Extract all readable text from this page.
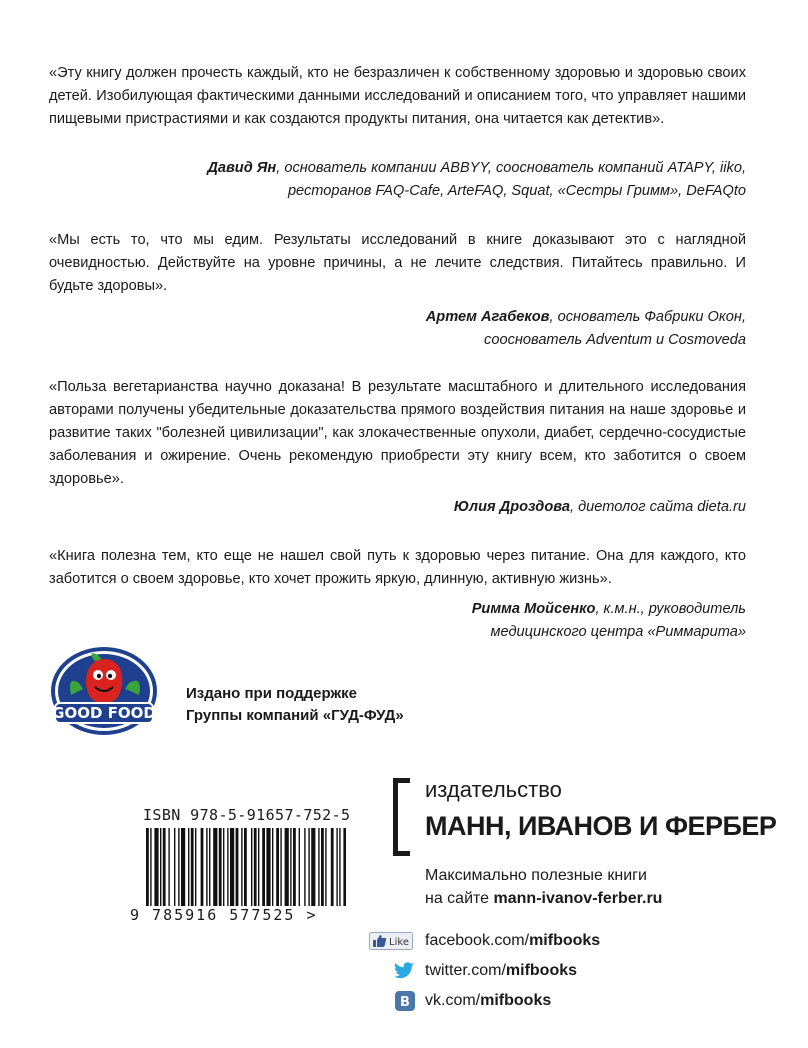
«Эту книгу должен прочесть каждый, кто не безразличен к собственному здоровью и здоровью своих детей. Изобилующая фактическими данными исследований и описанием того, что управляет нашими пищевыми пристрастиями и как создаются продукты питания, она читается как детектив».
Давид Ян, основатель компании ABBYY, сооснователь компаний ATAPY, iiko,
ресторанов FAQ-Cafe, ArteFAQ, Squat, «Сестры Гримм», DeFAQto
«Мы есть то, что мы едим. Результаты исследований в книге доказывают это с наглядной очевидностью. Действуйте на уровне причины, а не лечите следствия. Питайтесь правильно. И будьте здоровы».
Артем Агабеков, основатель Фабрики Окон,
сооснователь Adventum и Cosmoveda
«Польза вегетарианства научно доказана! В результате масштабного и длительного исследования авторами получены убедительные доказательства прямого воздействия питания на наше здоровье и развитие таких "болезней цивилизации", как злокачественные опухоли, диабет, сердечно-сосудистые заболевания и ожирение. Очень рекомендую приобрести эту книгу всем, кто заботится о своем здоровье».
Юлия Дроздова, диетолог сайта dieta.ru
«Книга полезна тем, кто еще не нашел свой путь к здоровью через питание. Она для каждого, кто заботится о своем здоровье, кто хочет прожить яркую, длинную, активную жизнь».
Римма Мойсенко, к.м.н., руководитель
медицинского центра «Риммарита»
GOOD FOOD
Издано при поддержке
Группы компаний «ГУД-ФУД»
ISBN 978-5-91657-752-5
9 785916 577525 >
издательство
МАНН, ИВАНОВ И ФЕРБЕР
Максимально полезные книги
на сайте mann-ivanov-ferber.ru
Like facebook.com/mifbooks
twitter.com/mifbooks
В vk.com/mifbooks
